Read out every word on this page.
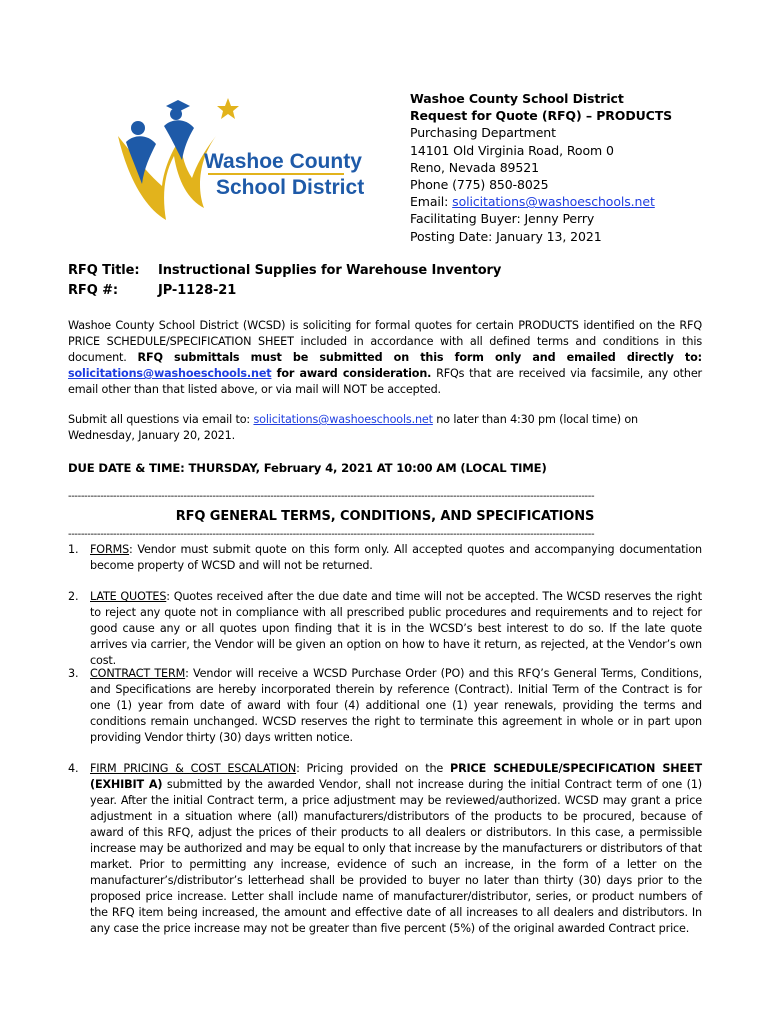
Washoe County
School District
Washoe County School District
Request for Quote (RFQ) – PRODUCTS
Purchasing Department
14101 Old Virginia Road, Room 0
Reno, Nevada 89521
Phone (775) 850-8025
Email: solicitations@washoeschools.net
Facilitating Buyer: Jenny Perry
Posting Date: January 13, 2021
RFQ Title: Instructional Supplies for Warehouse Inventory
RFQ #:	JP-1128-21
Washoe County School District (WCSD) is soliciting for formal quotes for certain PRODUCTS identified on the RFQ PRICE SCHEDULE/SPECIFICATION SHEET included in accordance with all defined terms and conditions in this document. RFQ submittals must be submitted on this form only and emailed directly to: solicitations@washoeschools.net for award consideration. RFQs that are received via facsimile, any other email other than that listed above, or via mail will NOT be accepted.
Submit all questions via email to: solicitations@washoeschools.net no later than 4:30 pm (local time) on Wednesday, January 20, 2021.
DUE DATE & TIME: THURSDAY, February 4, 2021 AT 10:00 AM (LOCAL TIME)
--------------------------------------------------------------------------------------------------------------------------------------------------------------------
RFQ GENERAL TERMS, CONDITIONS, AND SPECIFICATIONS
--------------------------------------------------------------------------------------------------------------------------------------------------------------------
1. FORMS: Vendor must submit quote on this form only. All accepted quotes and accompanying documentation become property of WCSD and will not be returned.
2. LATE QUOTES: Quotes received after the due date and time will not be accepted. The WCSD reserves the right to reject any quote not in compliance with all prescribed public procedures and requirements and to reject for good cause any or all quotes upon finding that it is in the WCSD’s best interest to do so. If the late quote arrives via carrier, the Vendor will be given an option on how to have it return, as rejected, at the Vendor’s own cost.
3. CONTRACT TERM: Vendor will receive a WCSD Purchase Order (PO) and this RFQ’s General Terms, Conditions, and Specifications are hereby incorporated therein by reference (Contract). Initial Term of the Contract is for one (1) year from date of award with four (4) additional one (1) year renewals, providing the terms and conditions remain unchanged. WCSD reserves the right to terminate this agreement in whole or in part upon providing Vendor thirty (30) days written notice.
4. FIRM PRICING & COST ESCALATION: Pricing provided on the PRICE SCHEDULE/SPECIFICATION SHEET (EXHIBIT A) submitted by the awarded Vendor, shall not increase during the initial Contract term of one (1) year. After the initial Contract term, a price adjustment may be reviewed/authorized. WCSD may grant a price adjustment in a situation where (all) manufacturers/distributors of the products to be procured, because of award of this RFQ, adjust the prices of their products to all dealers or distributors. In this case, a permissible increase may be authorized and may be equal to only that increase by the manufacturers or distributors of that market. Prior to permitting any increase, evidence of such an increase, in the form of a letter on the manufacturer’s/distributor’s letterhead shall be provided to buyer no later than thirty (30) days prior to the proposed price increase. Letter shall include name of manufacturer/distributor, series, or product numbers of the RFQ item being increased, the amount and effective date of all increases to all dealers and distributors. In any case the price increase may not be greater than five percent (5%) of the original awarded Contract price.
